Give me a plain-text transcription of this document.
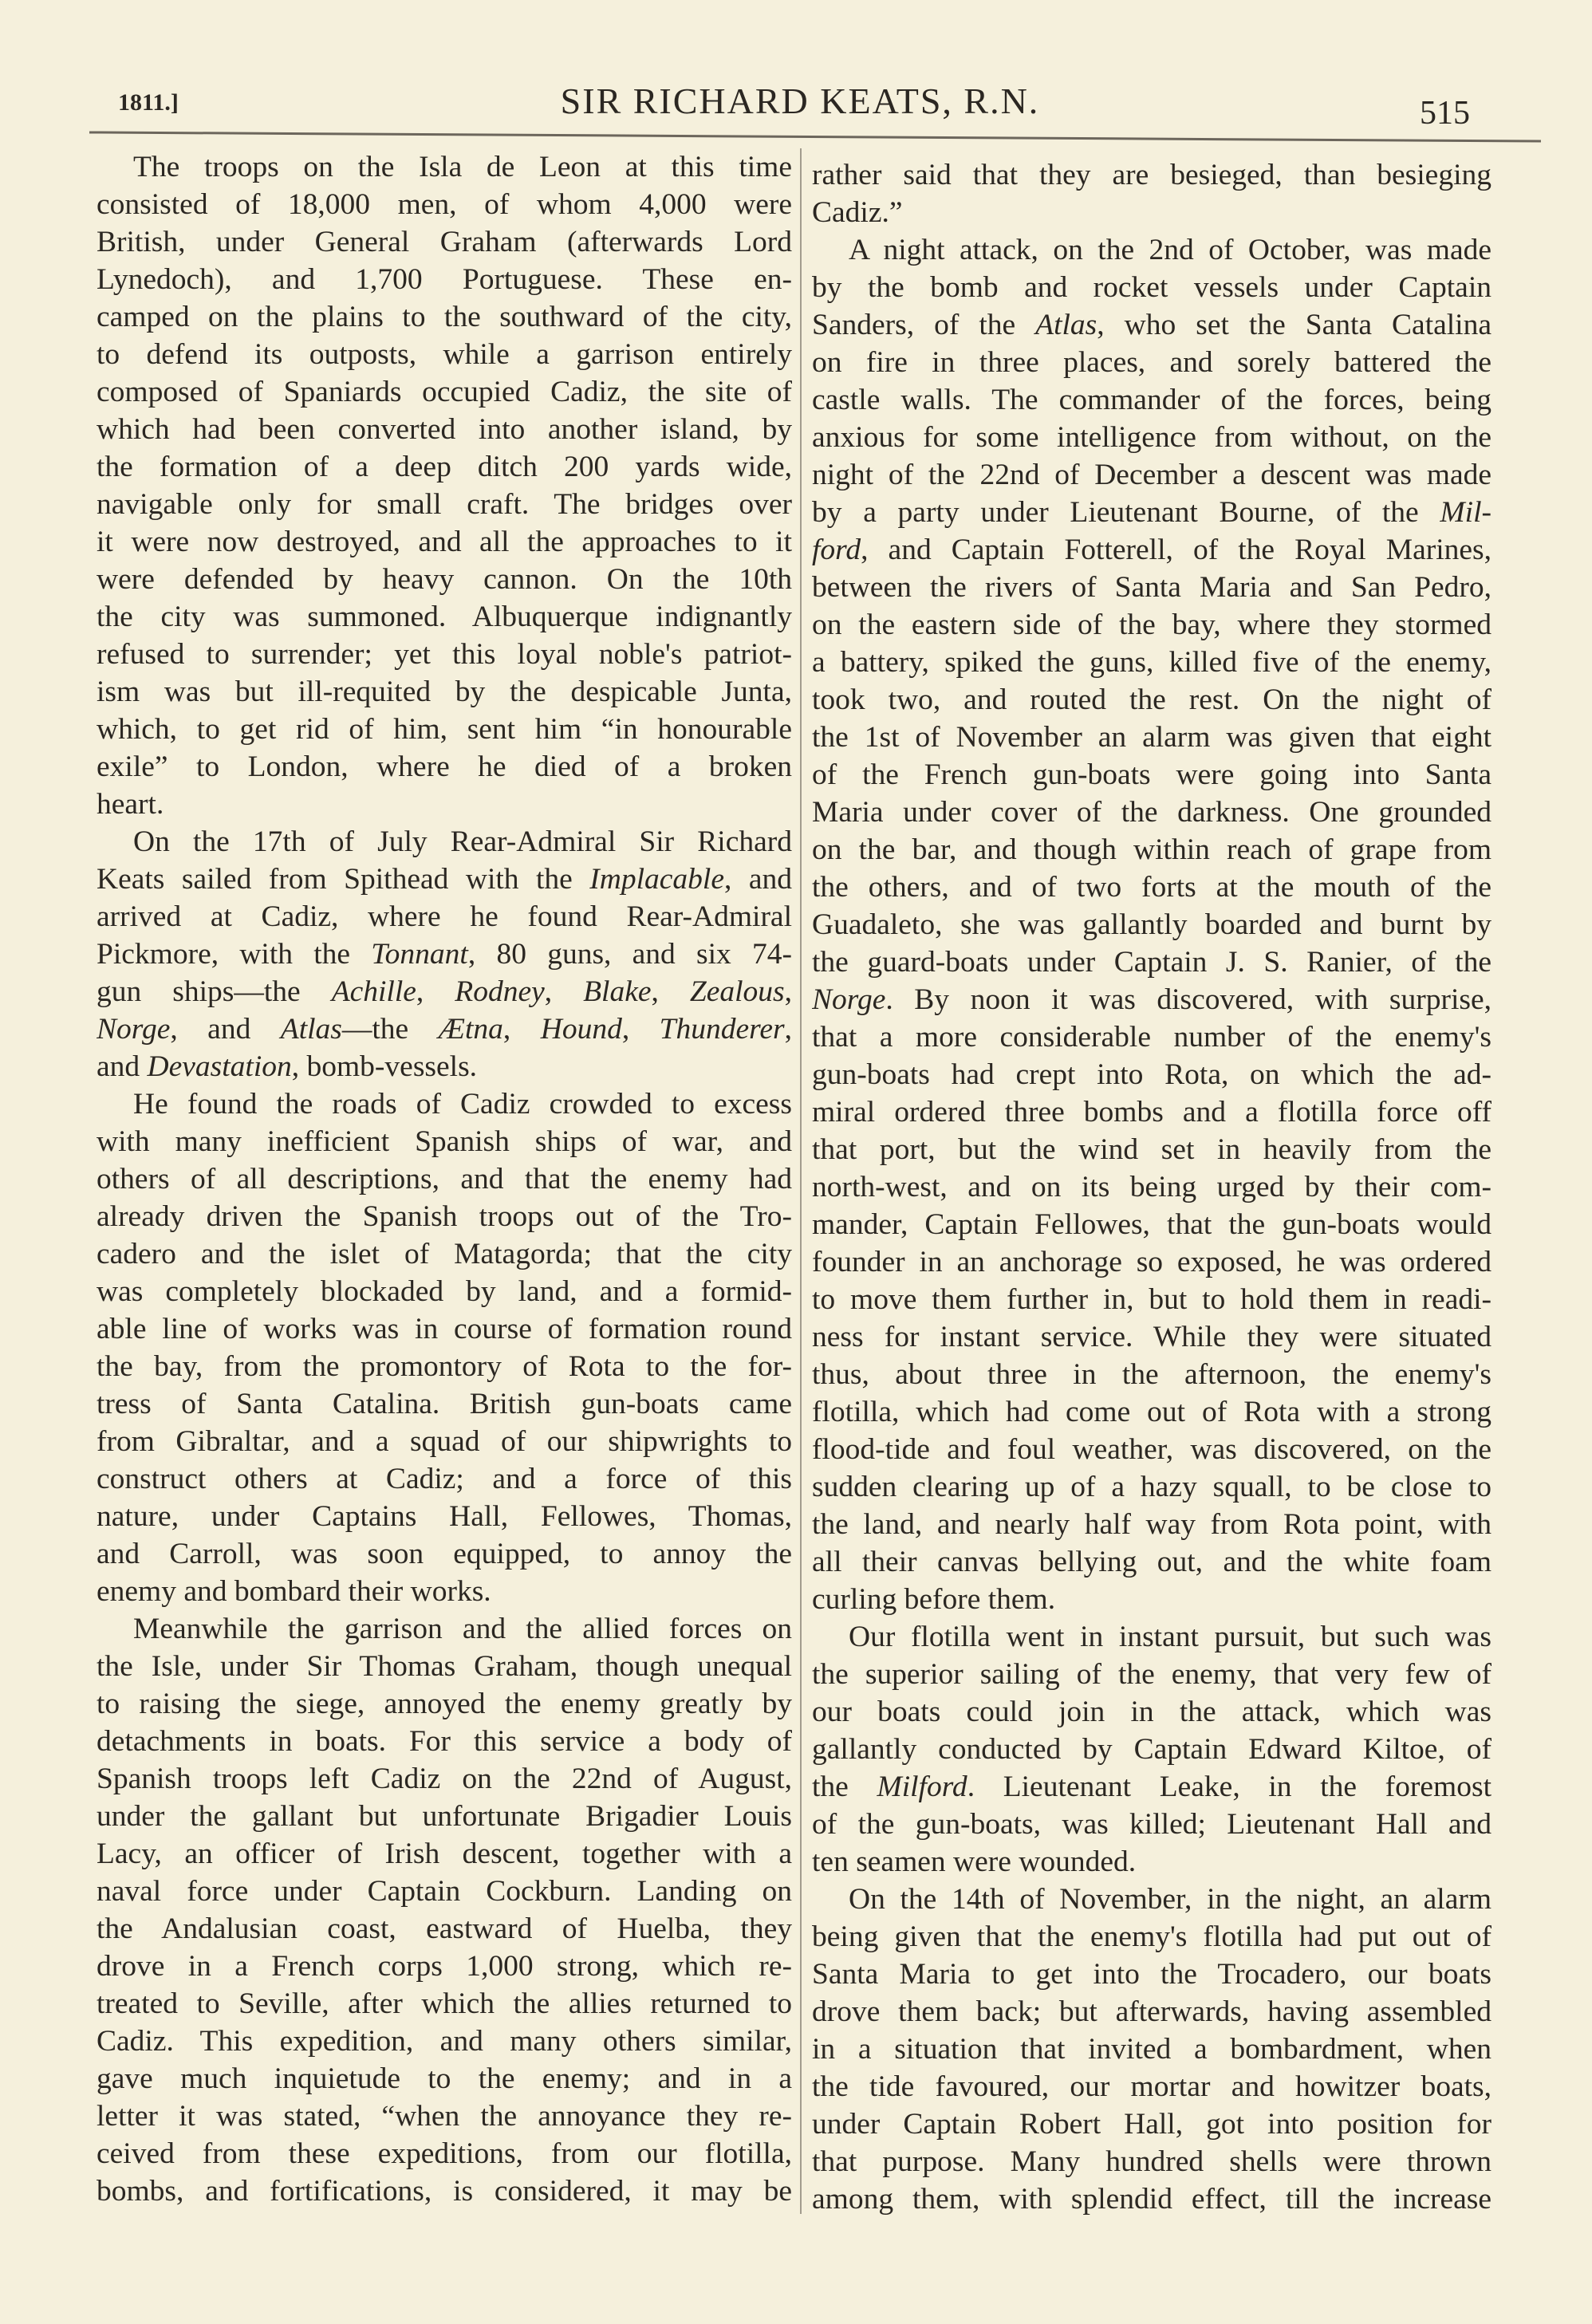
1811.]	SIR RICHARD KEATS, R.N.	515
The troops on the Isla de Leon at this time
consisted of 18,000 men, of whom 4,000 were
British, under General Graham (afterwards Lord
Lynedoch), and 1,700 Portuguese. These en-
camped on the plains to the southward of the city,
to defend its outposts, while a garrison entirely
composed of Spaniards occupied Cadiz, the site of
which had been converted into another island, by
the formation of a deep ditch 200 yards wide,
navigable only for small craft. The bridges over
it were now destroyed, and all the approaches to it
were defended by heavy cannon. On the 10th
the city was summoned. Albuquerque indignantly
refused to surrender; yet this loyal noble's patriot-
ism was but ill-requited by the despicable Junta,
which, to get rid of him, sent him “in honourable
exile” to London, where he died of a broken
heart.
On the 17th of July Rear-Admiral Sir Richard
Keats sailed from Spithead with the Implacable, and
arrived at Cadiz, where he found Rear-Admiral
Pickmore, with the Tonnant, 80 guns, and six 74-
gun ships—the Achille, Rodney, Blake, Zealous,
Norge, and Atlas—the Ætna, Hound, Thunderer,
and Devastation, bomb-vessels.
He found the roads of Cadiz crowded to excess
with many inefficient Spanish ships of war, and
others of all descriptions, and that the enemy had
already driven the Spanish troops out of the Tro-
cadero and the islet of Matagorda; that the city
was completely blockaded by land, and a formid-
able line of works was in course of formation round
the bay, from the promontory of Rota to the for-
tress of Santa Catalina. British gun-boats came
from Gibraltar, and a squad of our shipwrights to
construct others at Cadiz; and a force of this
nature, under Captains Hall, Fellowes, Thomas,
and Carroll, was soon equipped, to annoy the
enemy and bombard their works.
Meanwhile the garrison and the allied forces on
the Isle, under Sir Thomas Graham, though unequal
to raising the siege, annoyed the enemy greatly by
detachments in boats. For this service a body of
Spanish troops left Cadiz on the 22nd of August,
under the gallant but unfortunate Brigadier Louis
Lacy, an officer of Irish descent, together with a
naval force under Captain Cockburn. Landing on
the Andalusian coast, eastward of Huelba, they
drove in a French corps 1,000 strong, which re-
treated to Seville, after which the allies returned to
Cadiz. This expedition, and many others similar,
gave much inquietude to the enemy; and in a
letter it was stated, “when the annoyance they re-
ceived from these expeditions, from our flotilla,
bombs, and fortifications, is considered, it may be
rather said that they are besieged, than besieging
Cadiz.”
A night attack, on the 2nd of October, was made
by the bomb and rocket vessels under Captain
Sanders, of the Atlas, who set the Santa Catalina
on fire in three places, and sorely battered the
castle walls. The commander of the forces, being
anxious for some intelligence from without, on the
night of the 22nd of December a descent was made
by a party under Lieutenant Bourne, of the Mil-
ford, and Captain Fotterell, of the Royal Marines,
between the rivers of Santa Maria and San Pedro,
on the eastern side of the bay, where they stormed
a battery, spiked the guns, killed five of the enemy,
took two, and routed the rest. On the night of
the 1st of November an alarm was given that eight
of the French gun-boats were going into Santa
Maria under cover of the darkness. One grounded
on the bar, and though within reach of grape from
the others, and of two forts at the mouth of the
Guadaleto, she was gallantly boarded and burnt by
the guard-boats under Captain J. S. Ranier, of the
Norge. By noon it was discovered, with surprise,
that a more considerable number of the enemy's
gun-boats had crept into Rota, on which the ad-
miral ordered three bombs and a flotilla force off
that port, but the wind set in heavily from the
north-west, and on its being urged by their com-
mander, Captain Fellowes, that the gun-boats would
founder in an anchorage so exposed, he was ordered
to move them further in, but to hold them in readi-
ness for instant service. While they were situated
thus, about three in the afternoon, the enemy's
flotilla, which had come out of Rota with a strong
flood-tide and foul weather, was discovered, on the
sudden clearing up of a hazy squall, to be close to
the land, and nearly half way from Rota point, with
all their canvas bellying out, and the white foam
curling before them.
Our flotilla went in instant pursuit, but such was
the superior sailing of the enemy, that very few of
our boats could join in the attack, which was
gallantly conducted by Captain Edward Kiltoe, of
the Milford. Lieutenant Leake, in the foremost
of the gun-boats, was killed; Lieutenant Hall and
ten seamen were wounded.
On the 14th of November, in the night, an alarm
being given that the enemy's flotilla had put out of
Santa Maria to get into the Trocadero, our boats
drove them back; but afterwards, having assembled
in a situation that invited a bombardment, when
the tide favoured, our mortar and howitzer boats,
under Captain Robert Hall, got into position for
that purpose. Many hundred shells were thrown
among them, with splendid effect, till the increase
